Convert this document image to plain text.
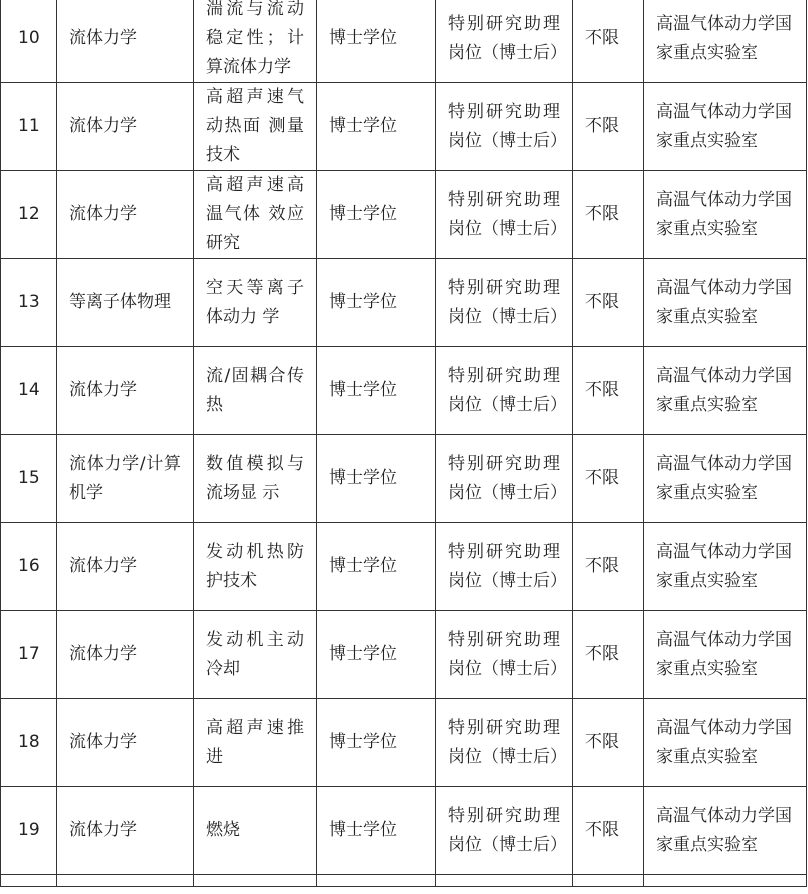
10	流体力学	湍流与流动稳定性；计算流体力学	博士学位	特别研究助理岗位（博士后）	不限	高温气体动力学国家重点实验室
11	流体力学	高超声速气动热面 测量技术	博士学位	特别研究助理岗位（博士后）	不限	高温气体动力学国家重点实验室
12	流体力学	高超声速高温气体 效应研究	博士学位	特别研究助理岗位（博士后）	不限	高温气体动力学国家重点实验室
13	等离子体物理	空天等离子体动力 学	博士学位	特别研究助理岗位（博士后）	不限	高温气体动力学国家重点实验室
14	流体力学	流/固耦合传热	博士学位	特别研究助理岗位（博士后）	不限	高温气体动力学国家重点实验室
15	流体力学/计算机学	数值模拟与流场显 示	博士学位	特别研究助理岗位（博士后）	不限	高温气体动力学国家重点实验室
16	流体力学	发动机热防护技术	博士学位	特别研究助理岗位（博士后）	不限	高温气体动力学国家重点实验室
17	流体力学	发动机主动冷却	博士学位	特别研究助理岗位（博士后）	不限	高温气体动力学国家重点实验室
18	流体力学	高超声速推进	博士学位	特别研究助理岗位（博士后）	不限	高温气体动力学国家重点实验室
19	流体力学	燃烧	博士学位	特别研究助理岗位（博士后）	不限	高温气体动力学国家重点实验室
